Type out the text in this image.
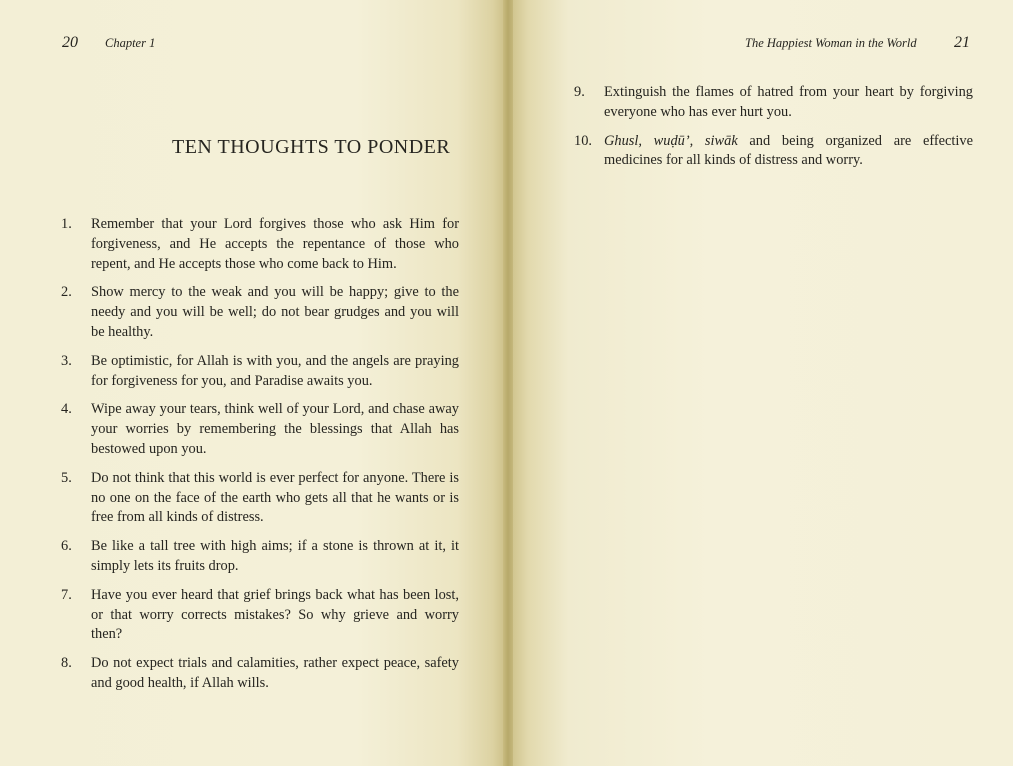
20 Chapter 1
TEN THOUGHTS TO PONDER
The Happiest Woman in the World 21
1. Remember that your Lord forgives those who ask Him for forgiveness, and He accepts the repentance of those who repent, and He accepts those who come back to Him.
2. Show mercy to the weak and you will be happy; give to the needy and you will be well; do not bear grudges and you will be healthy.
3. Be optimistic, for Allah is with you, and the angels are praying for forgiveness for you, and Paradise awaits you.
4. Wipe away your tears, think well of your Lord, and chase away your worries by remembering the blessings that Allah has bestowed upon you.
5. Do not think that this world is ever perfect for anyone. There is no one on the face of the earth who gets all that he wants or is free from all kinds of distress.
6. Be like a tall tree with high aims; if a stone is thrown at it, it simply lets its fruits drop.
7. Have you ever heard that grief brings back what has been lost, or that worry corrects mistakes? So why grieve and worry then?
8. Do not expect trials and calamities, rather expect peace, safety and good health, if Allah wills.
9. Extinguish the flames of hatred from your heart by forgiving everyone who has ever hurt you.
10. Ghusl, wuḍū’, siwāk and being organized are effective medicines for all kinds of distress and worry.
